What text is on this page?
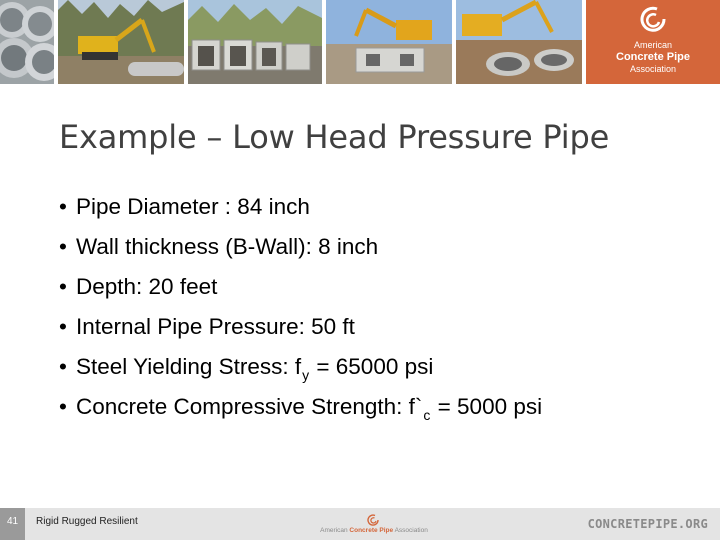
American
Concrete Pipe
Association
Example – Low Head Pressure Pipe
• Pipe Diameter : 84 inch
• Wall thickness (B-Wall): 8 inch
• Depth: 20 feet
• Internal Pipe Pressure: 50 ft
• Steel Yielding Stress: f y
= 65000 psi
• Concrete Compressive Strength: f` c
= 5000 psi
41	Rigid Rugged Resilient
American Concrete Pipe Association	CONCRETEPIPE.ORG
